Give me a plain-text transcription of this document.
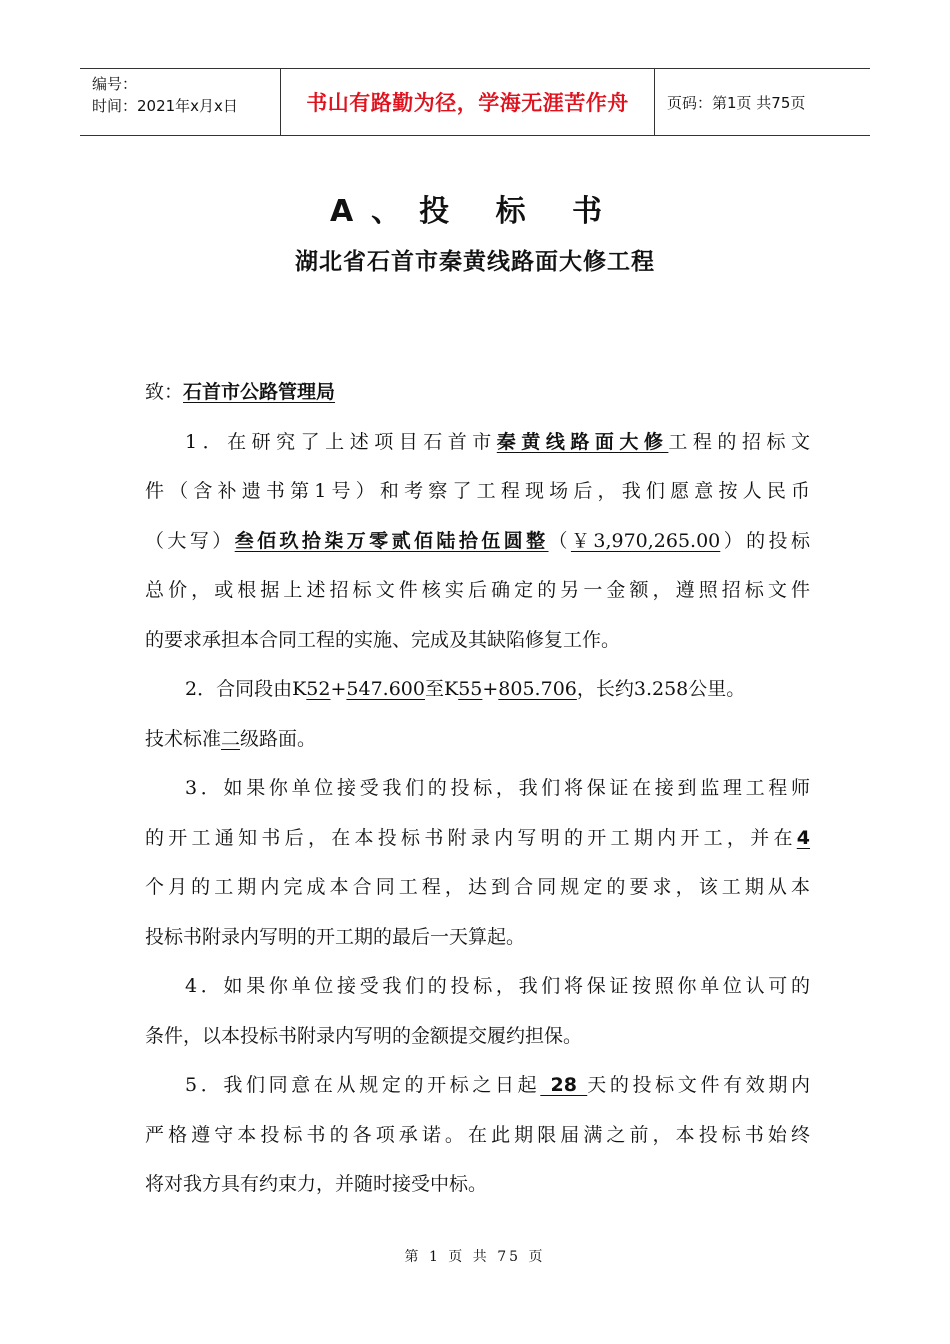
编号：
时间：2021年x月x日	书山有路勤为径，学海无涯苦作舟	页码：第1页 共75页
A、投 标 书
湖北省石首市秦黄线路面大修工程
致：石首市公路管理局
1．在研究了上述项目石首市秦黄线路面大修工程的招标文
件（含补遗书第1号）和考察了工程现场后，我们愿意按人民币
（大写）叁佰玖拾柒万零贰佰陆拾伍圆整（￥3,970,265.00）的投标
总价，或根据上述招标文件核实后确定的另一金额，遵照招标文件
的要求承担本合同工程的实施、完成及其缺陷修复工作。
2．合同段由K52+547.600至K55+805.706，长约3.258公里。
技术标准二级路面。
3．如果你单位接受我们的投标，我们将保证在接到监理工程师
的开工通知书后，在本投标书附录内写明的开工期内开工，并在4
个月的工期内完成本合同工程，达到合同规定的要求，该工期从本
投标书附录内写明的开工期的最后一天算起。
4．如果你单位接受我们的投标，我们将保证按照你单位认可的
条件，以本投标书附录内写明的金额提交履约担保。
5．我们同意在从规定的开标之日起 28 天的投标文件有效期内
严格遵守本投标书的各项承诺。在此期限届满之前，本投标书始终
将对我方具有约束力，并随时接受中标。
第 1 页 共 75 页
